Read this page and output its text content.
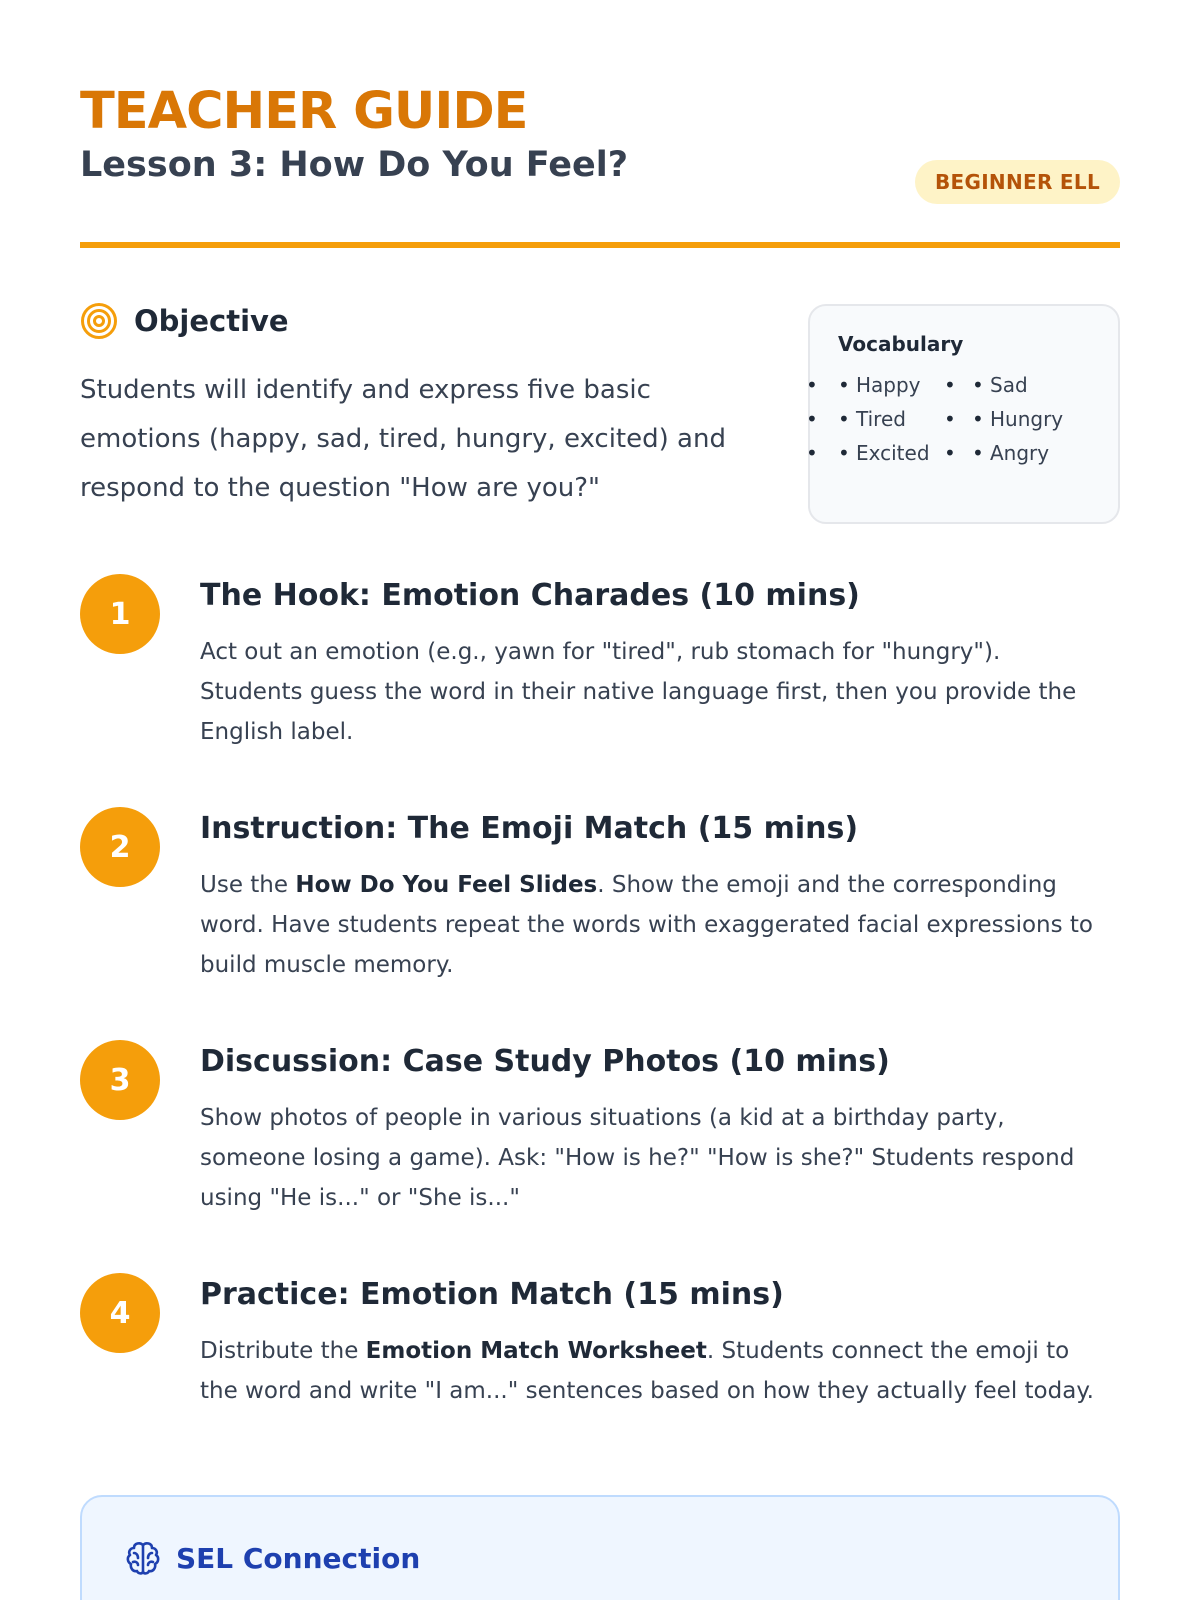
TEACHER GUIDE
Lesson 3: How Do You Feel?	BEGINNER ELL
Objective

Students will identify and express five basic emotions (happy, sad, tired, hungry, excited) and respond to the question "How are you?"

Vocabulary
• Happy •	• Sad •
• Tired •	• Hungry •
• Excited •	• Angry •
1
The Hook: Emotion Charades (10 mins)

Act out an emotion (e.g., yawn for "tired", rub stomach for "hungry"). Students guess the word in their native language first, then you provide the English label.

2
Instruction: The Emoji Match (15 mins)

Use the How Do You Feel Slides. Show the emoji and the corresponding word. Have students repeat the words with exaggerated facial expressions to build muscle memory.

3
Discussion: Case Study Photos (10 mins)

Show photos of people in various situations (a kid at a birthday party, someone losing a game). Ask: "How is he?" "How is she?" Students respond using "He is..." or "She is..."

4
Practice: Emotion Match (15 mins)

Distribute the Emotion Match Worksheet. Students connect the emoji to the word and write "I am..." sentences based on how they actually feel today.

SEL Connection
